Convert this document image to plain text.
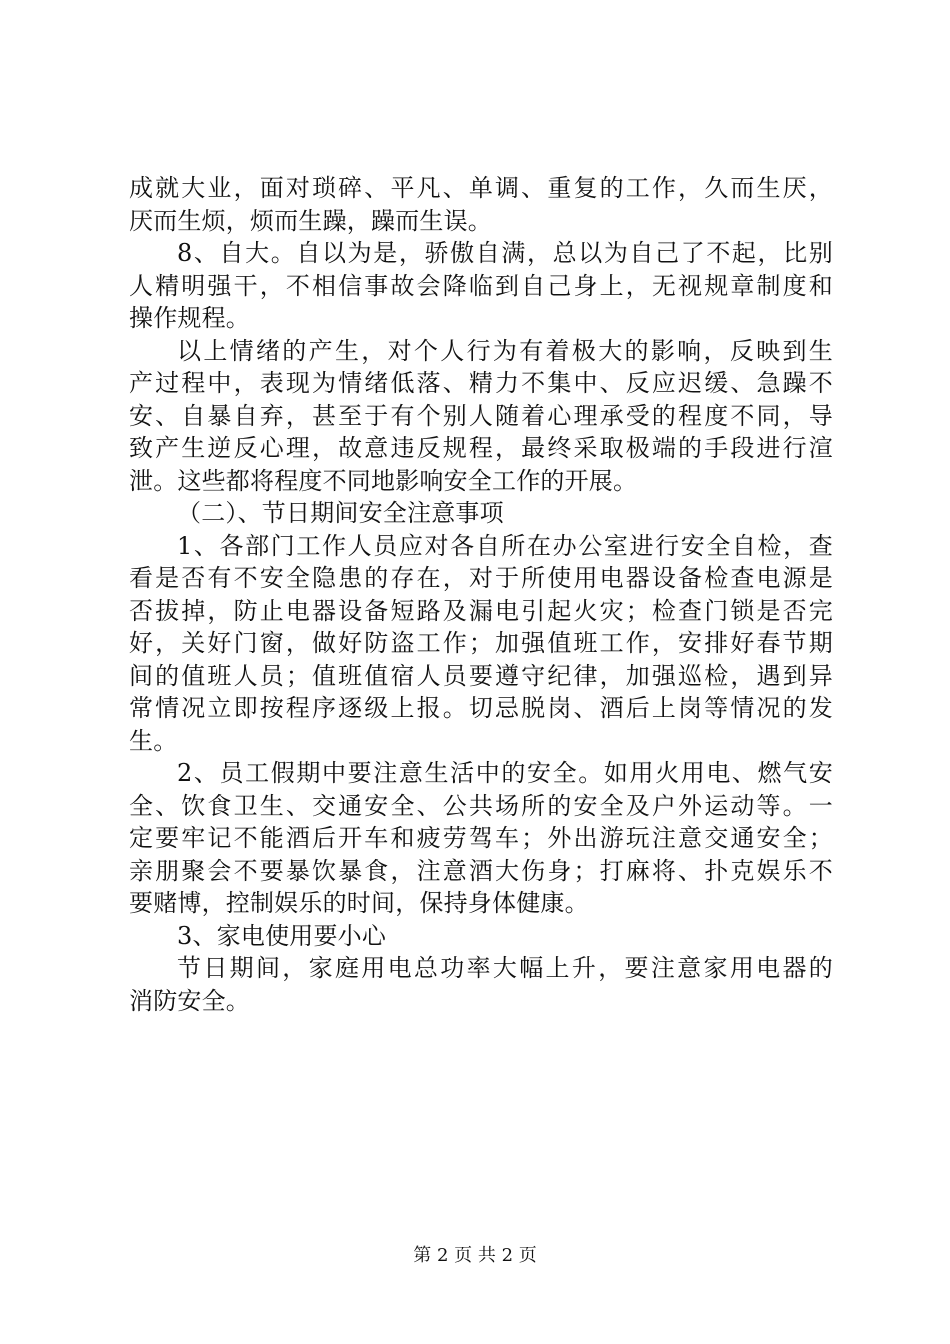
成就大业，面对琐碎、平凡、单调、重复的工作，久而生厌，
厌而生烦，烦而生躁，躁而生误。
8、自大。自以为是，骄傲自满，总以为自己了不起，比别
人精明强干，不相信事故会降临到自己身上，无视规章制度和
操作规程。
以上情绪的产生，对个人行为有着极大的影响，反映到生
产过程中，表现为情绪低落、精力不集中、反应迟缓、急躁不
安、自暴自弃，甚至于有个别人随着心理承受的程度不同，导
致产生逆反心理，故意违反规程，最终采取极端的手段进行渲
泄。这些都将程度不同地影响安全工作的开展。
（二）、节日期间安全注意事项
1、各部门工作人员应对各自所在办公室进行安全自检，查
看是否有不安全隐患的存在，对于所使用电器设备检查电源是
否拔掉，防止电器设备短路及漏电引起火灾；检查门锁是否完
好，关好门窗，做好防盗工作；加强值班工作，安排好春节期
间的值班人员；值班值宿人员要遵守纪律，加强巡检，遇到异
常情况立即按程序逐级上报。切忌脱岗、酒后上岗等情况的发
生。
2、员工假期中要注意生活中的安全。如用火用电、燃气安
全、饮食卫生、交通安全、公共场所的安全及户外运动等。一
定要牢记不能酒后开车和疲劳驾车；外出游玩注意交通安全；
亲朋聚会不要暴饮暴食，注意酒大伤身；打麻将、扑克娱乐不
要赌博，控制娱乐的时间，保持身体健康。
3、家电使用要小心
节日期间，家庭用电总功率大幅上升，要注意家用电器的
消防安全。
第 2 页 共 2 页
